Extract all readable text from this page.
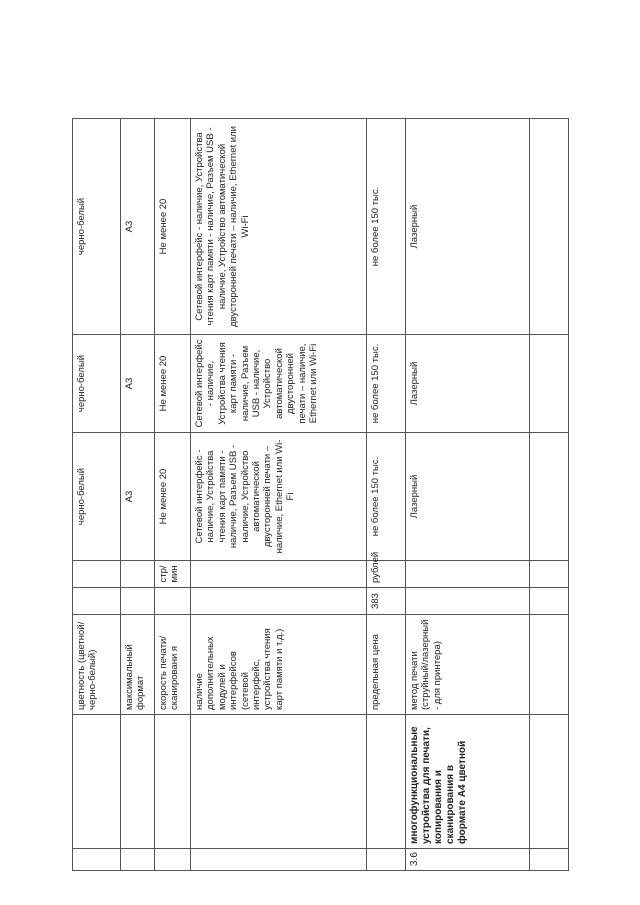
		цветность (цветной/черно-белый)			черно-белый	черно-белый	черно-белый
		максимальный формат			А3	А3	А3
		скорость печати/сканировани я		стр/мин	Не менее 20	Не менее 20	Не менее 20
		наличие дополнительных модулей и интерфейсов (сетевой интерфейс, устройства чтения карт памяти и т.д.)			Сетевой интерфейс - наличие, Устройства чтения карт памяти - наличие, Разъем USB - наличие, Устройство автоматической двусторонней печати – наличие, Ethernet или Wi-Fi	Сетевой интерфейс - наличие, Устройства чтения карт памяти - наличие, Разъем USB - наличие, Устройство автоматической двусторонней печати – наличие, Ethernet или Wi-Fi	Сетевой интерфейс - наличие, Устройства чтения карт памяти - наличие, Разъем USB - наличие, Устройство автоматической двусторонней печати – наличие, Ethernet или Wi-Fi
		предельная цена	383	рублей	не более 150 тыс.	не более 150 тыс.	не более 150 тыс.
3.6	многофункциональные устройства для печати, копирования и сканирования в формате А4 цветной	метод печати (струйный/лазерный - для принтера)			Лазерный	Лазерный	Лазерный
